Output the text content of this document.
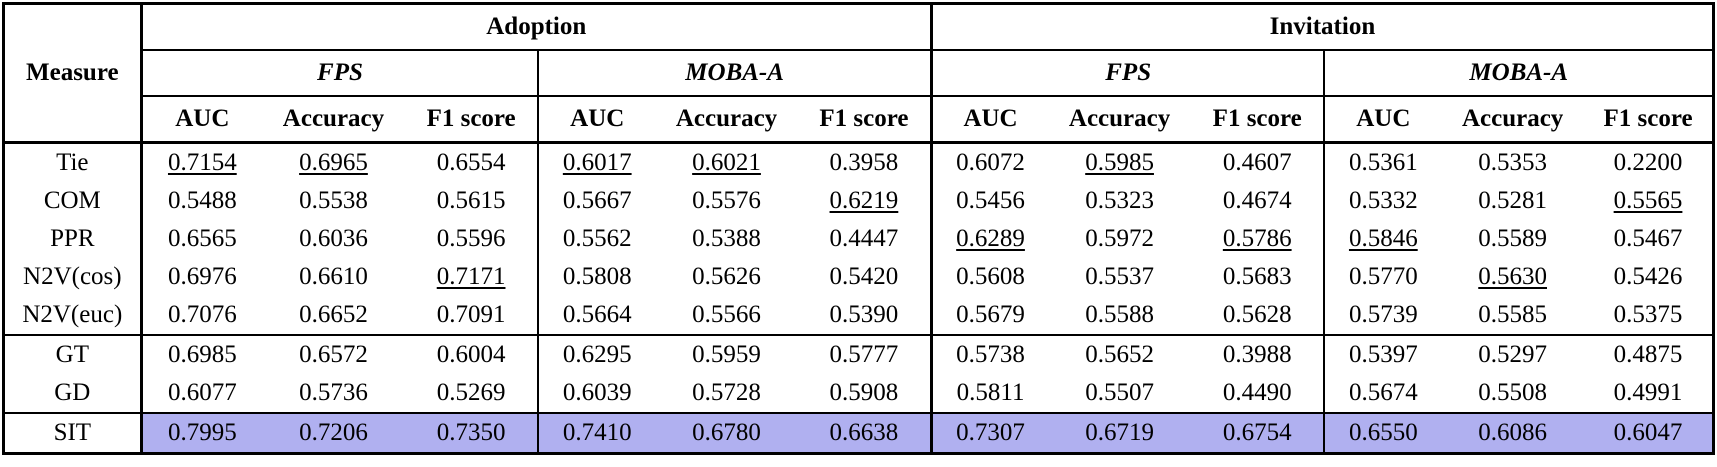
Measure	Adoption						Invitation					
	FPS			MOBA-A			FPS			MOBA-A		
	AUC	Accuracy	F1 score	AUC	Accuracy	F1 score	AUC	Accuracy	F1 score	AUC	Accuracy	F1 score
Tie	0.7154	0.6965	0.6554	0.6017	0.6021	0.3958	0.6072	0.5985	0.4607	0.5361	0.5353	0.2200
COM	0.5488	0.5538	0.5615	0.5667	0.5576	0.6219	0.5456	0.5323	0.4674	0.5332	0.5281	0.5565
PPR	0.6565	0.6036	0.5596	0.5562	0.5388	0.4447	0.6289	0.5972	0.5786	0.5846	0.5589	0.5467
N2V(cos)	0.6976	0.6610	0.7171	0.5808	0.5626	0.5420	0.5608	0.5537	0.5683	0.5770	0.5630	0.5426
N2V(euc)	0.7076	0.6652	0.7091	0.5664	0.5566	0.5390	0.5679	0.5588	0.5628	0.5739	0.5585	0.5375
GT	0.6985	0.6572	0.6004	0.6295	0.5959	0.5777	0.5738	0.5652	0.3988	0.5397	0.5297	0.4875
GD	0.6077	0.5736	0.5269	0.6039	0.5728	0.5908	0.5811	0.5507	0.4490	0.5674	0.5508	0.4991
SIT	0.7995	0.7206	0.7350	0.7410	0.6780	0.6638	0.7307	0.6719	0.6754	0.6550	0.6086	0.6047
